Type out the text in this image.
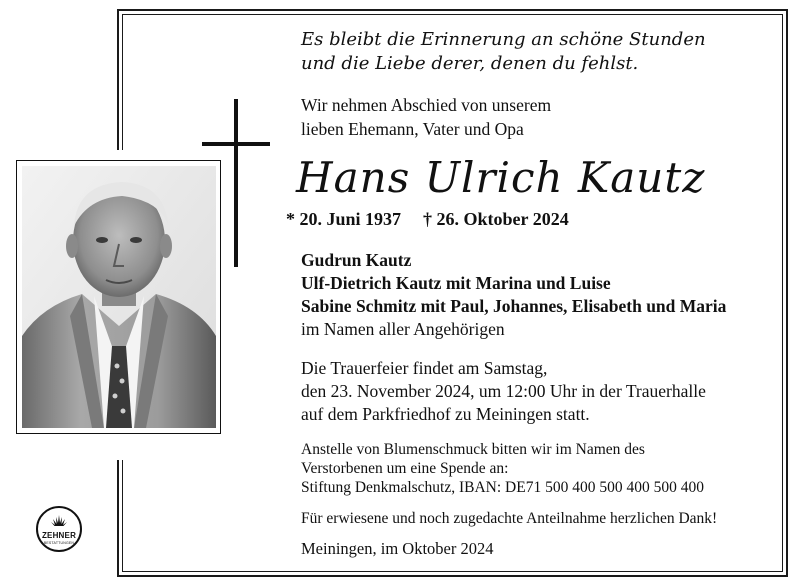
Es bleibt die Erinnerung an schöne Stunden
und die Liebe derer, denen du fehlst.
Wir nehmen Abschied von unserem
lieben Ehemann, Vater und Opa
Hans Ulrich Kautz
* 20. Juni 1937 † 26. Oktober 2024
Gudrun Kautz
Ulf-Dietrich Kautz mit Marina und Luise
Sabine Schmitz mit Paul, Johannes, Elisabeth und Maria
im Namen aller Angehörigen
Die Trauerfeier findet am Samstag,
den 23. November 2024, um 12:00 Uhr in der Trauerhalle
auf dem Parkfriedhof zu Meiningen statt.
Anstelle von Blumenschmuck bitten wir im Namen des
Verstorbenen um eine Spende an:
Stiftung Denkmalschutz, IBAN: DE71 500 400 500 400 500 400
Für erwiesene und noch zugedachte Anteilnahme herzlichen Dank!
Meiningen, im Oktober 2024
ZEHNER
BESTATTUNGEN
